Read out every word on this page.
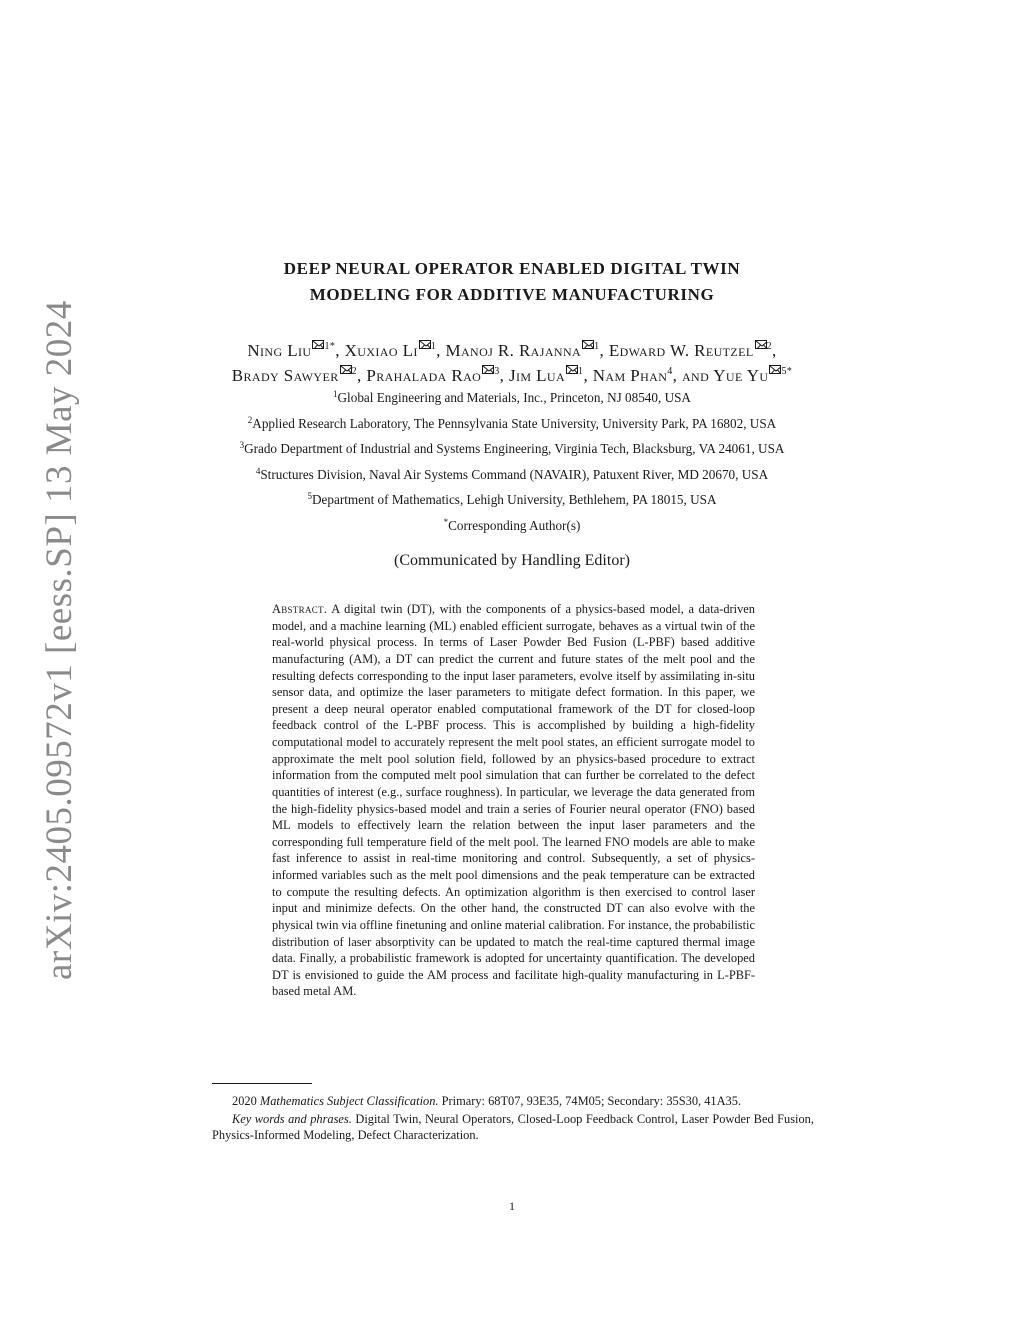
arXiv:2405.09572v1 [eess.SP] 13 May 2024
DEEP NEURAL OPERATOR ENABLED DIGITAL TWIN
MODELING FOR ADDITIVE MANUFACTURING
Ning Liu $^{1*}$, Xuxiao Li $^1$, Manoj R. Rajanna $^1$, Edward W. Reutzel $^2$,
Brady Sawyer $^2$, Prahalada Rao $^3$, Jim Lua $^1$, Nam Phan$^4$, and Yue Yu $^{5*}$
$^1$Global Engineering and Materials, Inc., Princeton, NJ 08540, USA
$^2$Applied Research Laboratory, The Pennsylvania State University, University Park, PA 16802, USA
$^3$Grado Department of Industrial and Systems Engineering, Virginia Tech, Blacksburg, VA 24061, USA
$^4$Structures Division, Naval Air Systems Command (NAVAIR), Patuxent River, MD 20670, USA
$^5$Department of Mathematics, Lehigh University, Bethlehem, PA 18015, USA
*Corresponding Author(s)
(Communicated by Handling Editor)
Abstract. A digital twin (DT), with the components of a physics-based model, a data-driven model, and a machine learning (ML) enabled efficient surrogate, behaves as a virtual twin of the real-world physical process. In terms of Laser Powder Bed Fusion (L-PBF) based additive manufacturing (AM), a DT can predict the current and future states of the melt pool and the resulting defects corresponding to the input laser parameters, evolve itself by assimilating in-situ sensor data, and optimize the laser parameters to mitigate defect formation. In this paper, we present a deep neural operator enabled computational framework of the DT for closed-loop feedback control of the L-PBF process. This is accomplished by building a high-fidelity computational model to accurately represent the melt pool states, an efficient surrogate model to approximate the melt pool solution field, followed by an physics-based procedure to extract information from the computed melt pool simulation that can further be correlated to the defect quantities of interest (e.g., surface roughness). In particular, we leverage the data generated from the high-fidelity physics-based model and train a series of Fourier neural operator (FNO) based ML models to effectively learn the relation between the input laser parameters and the corresponding full temperature field of the melt pool. The learned FNO models are able to make fast inference to assist in real-time monitoring and control. Subsequently, a set of physics-informed variables such as the melt pool dimensions and the peak temperature can be extracted to compute the resulting defects. An optimization algorithm is then exercised to control laser input and minimize defects. On the other hand, the constructed DT can also evolve with the physical twin via offline finetuning and online material calibration. For instance, the probabilistic distribution of laser absorptivity can be updated to match the real-time captured thermal image data. Finally, a probabilistic framework is adopted for uncertainty quantification. The developed DT is envisioned to guide the AM process and facilitate high-quality manufacturing in L-PBF-based metal AM.

2020 Mathematics Subject Classification. Primary: 68T07, 93E35, 74M05; Secondary: 35S30, 41A35.

Key words and phrases. Digital Twin, Neural Operators, Closed-Loop Feedback Control, Laser Powder Bed Fusion, Physics-Informed Modeling, Defect Characterization.

1
